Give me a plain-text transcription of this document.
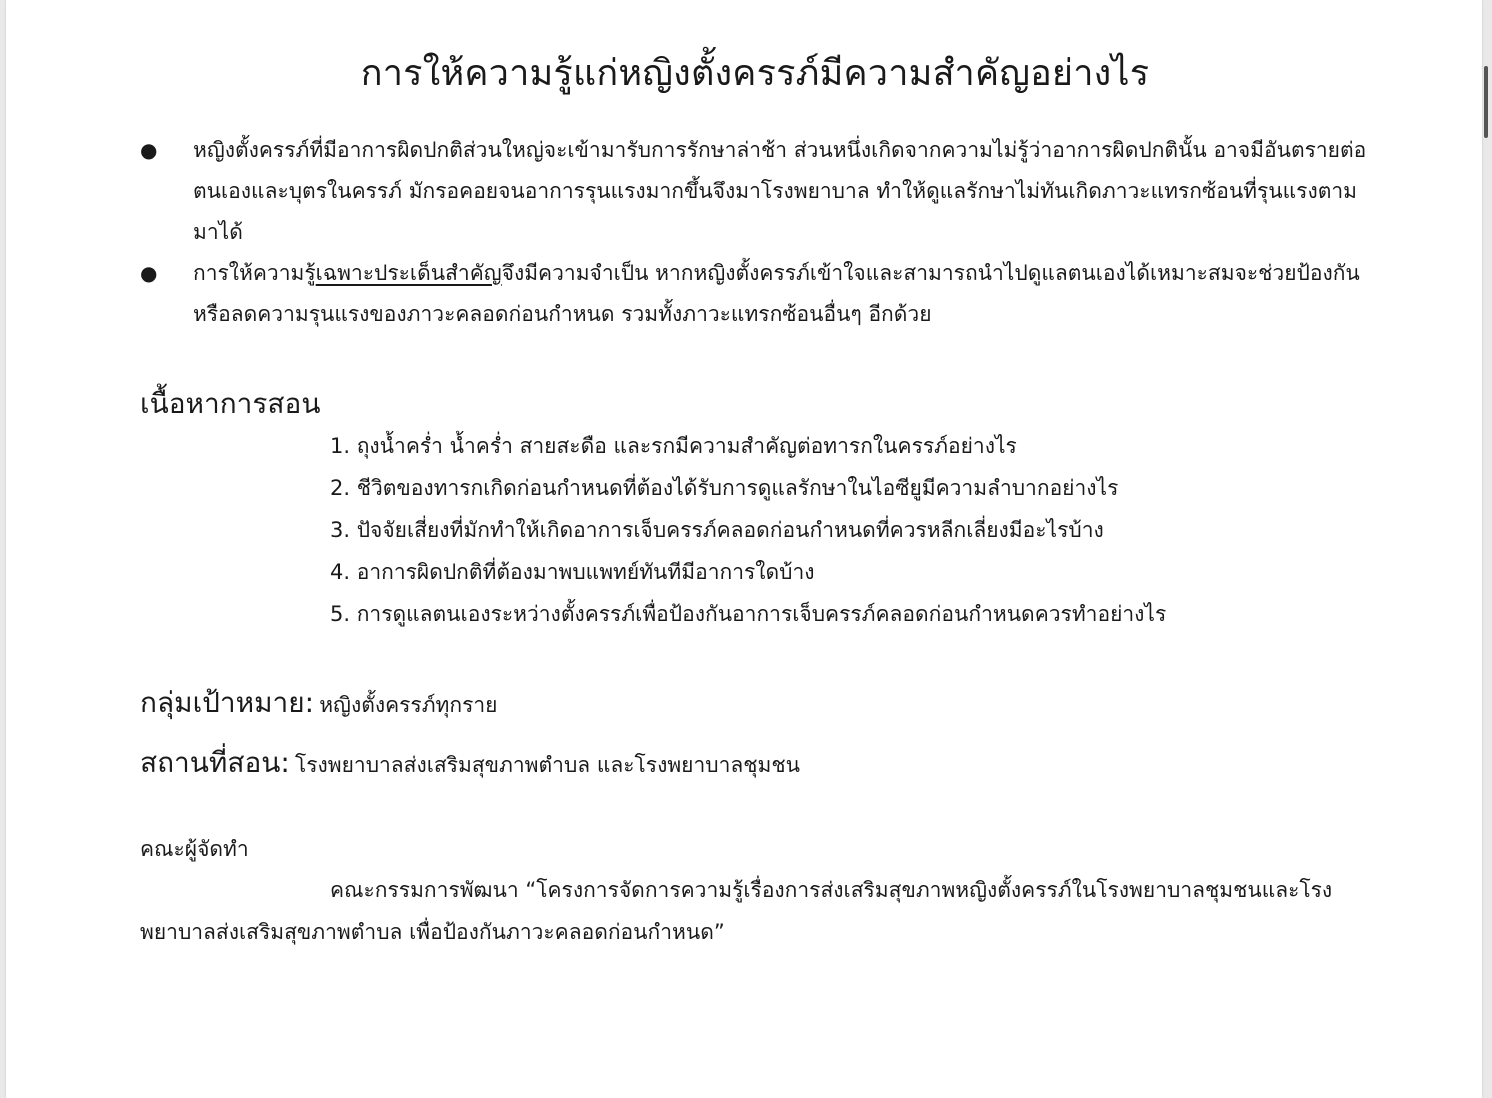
การให้ความรู้แก่หญิงตั้งครรภ์มีความสำคัญอย่างไร
● หญิงตั้งครรภ์ที่มีอาการผิดปกติส่วนใหญ่จะเข้ามารับการรักษาล่าช้า ส่วนหนึ่งเกิดจากความไม่รู้ว่าอาการผิดปกตินั้น อาจมีอันตรายต่อตนเองและบุตรในครรภ์ มักรอคอยจนอาการรุนแรงมากขึ้นจึงมาโรงพยาบาล ทำให้ดูแลรักษาไม่ทันเกิดภาวะแทรกซ้อนที่รุนแรงตามมาได้
● การให้ความรู้เฉพาะประเด็นสำคัญจึงมีความจำเป็น หากหญิงตั้งครรภ์เข้าใจและสามารถนำไปดูแลตนเองได้เหมาะสมจะช่วยป้องกัน หรือลดความรุนแรงของภาวะคลอดก่อนกำหนด รวมทั้งภาวะแทรกซ้อนอื่นๆ อีกด้วย
เนื้อหาการสอน
1. ถุงน้ำคร่ำ น้ำคร่ำ สายสะดือ และรกมีความสำคัญต่อทารกในครรภ์อย่างไร
2. ชีวิตของทารกเกิดก่อนกำหนดที่ต้องได้รับการดูแลรักษาในไอซียูมีความลำบากอย่างไร
3. ปัจจัยเสี่ยงที่มักทำให้เกิดอาการเจ็บครรภ์คลอดก่อนกำหนดที่ควรหลีกเลี่ยงมีอะไรบ้าง
4. อาการผิดปกติที่ต้องมาพบแพทย์ทันทีมีอาการใดบ้าง
5. การดูแลตนเองระหว่างตั้งครรภ์เพื่อป้องกันอาการเจ็บครรภ์คลอดก่อนกำหนดควรทำอย่างไร
กลุ่มเป้าหมาย: หญิงตั้งครรภ์ทุกราย
สถานที่สอน: โรงพยาบาลส่งเสริมสุขภาพตำบล และโรงพยาบาลชุมชน
คณะผู้จัดทำ

คณะกรรมการพัฒนา “โครงการจัดการความรู้เรื่องการส่งเสริมสุขภาพหญิงตั้งครรภ์ในโรงพยาบาลชุมชนและโรงพยาบาลส่งเสริมสุขภาพตำบล เพื่อป้องกันภาวะคลอดก่อนกำหนด”
